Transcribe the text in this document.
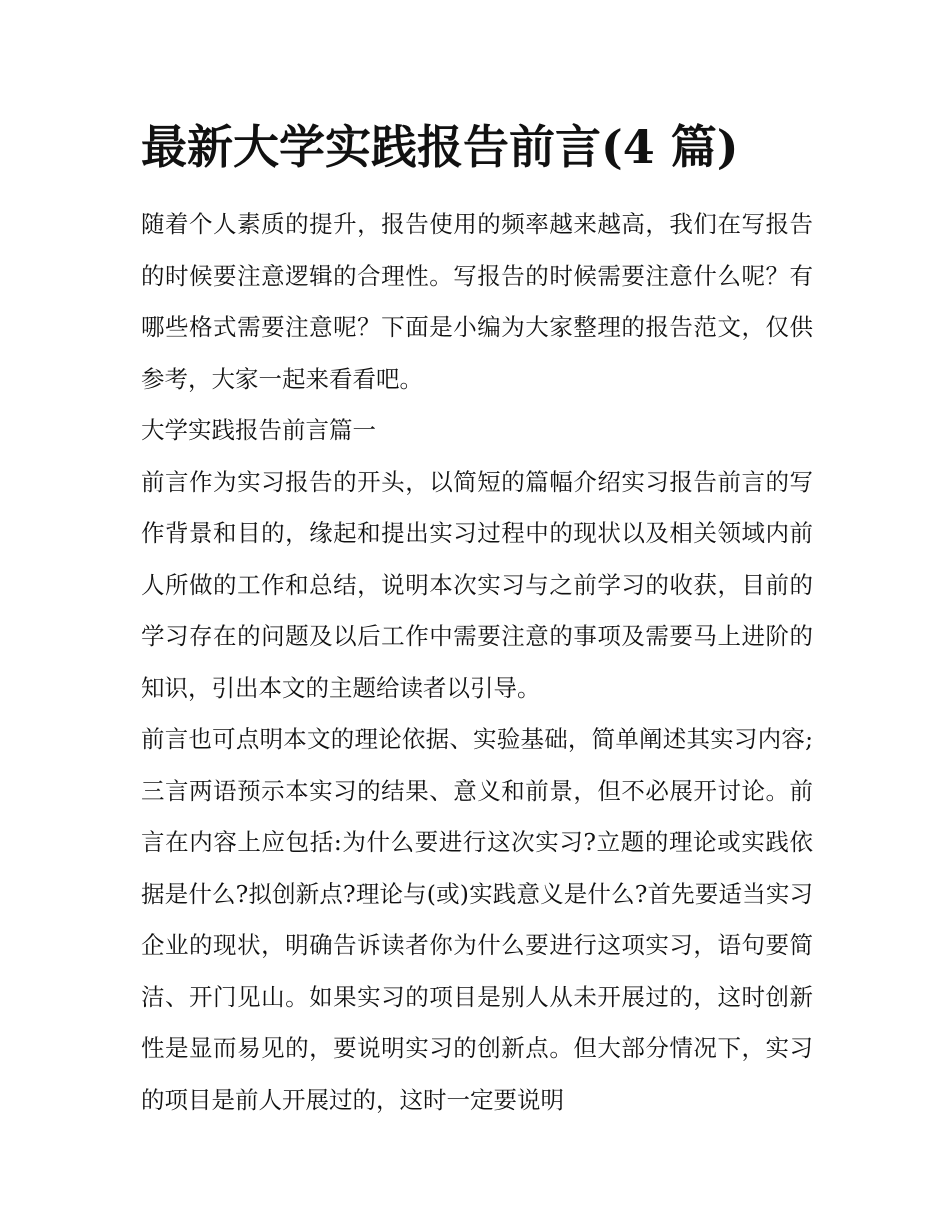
最新大学实践报告前言(4 篇)

随着个人素质的提升，报告使用的频率越来越高，我们在写报告的时候要注意逻辑的合理性。写报告的时候需要注意什么呢？有哪些格式需要注意呢？下面是小编为大家整理的报告范文，仅供参考，大家一起来看看吧。

大学实践报告前言篇一

前言作为实习报告的开头，以简短的篇幅介绍实习报告前言的写作背景和目的，缘起和提出实习过程中的现状以及相关领域内前人所做的工作和总结，说明本次实习与之前学习的收获，目前的学习存在的问题及以后工作中需要注意的事项及需要马上进阶的知识，引出本文的主题给读者以引导。

前言也可点明本文的理论依据、实验基础，简单阐述其实习内容;三言两语预示本实习的结果、意义和前景，但不必展开讨论。前言在内容上应包括:为什么要进行这次实习?立题的理论或实践依据是什么?拟创新点?理论与(或)实践意义是什么?首先要适当实习企业的现状，明确告诉读者你为什么要进行这项实习，语句要简洁、开门见山。如果实习的项目是别人从未开展过的，这时创新性是显而易见的，要说明实习的创新点。但大部分情况下，实习的项目是前人开展过的，这时一定要说明
